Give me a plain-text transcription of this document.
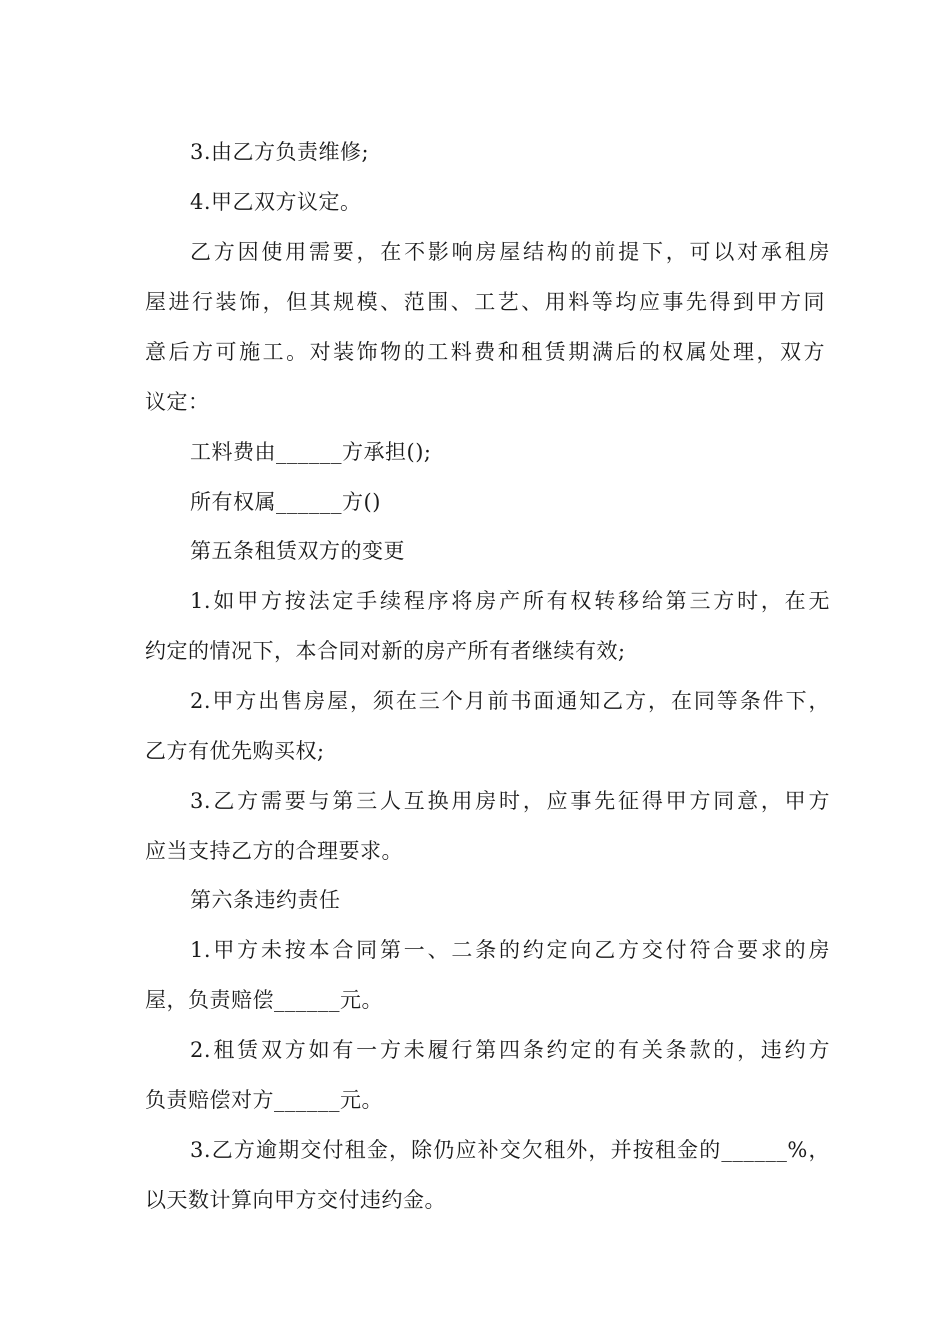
3.由乙方负责维修;
4.甲乙双方议定。
乙方因使用需要，在不影响房屋结构的前提下，可以对承租房
屋进行装饰，但其规模、范围、工艺、用料等均应事先得到甲方同
意后方可施工。对装饰物的工料费和租赁期满后的权属处理，双方
议定：
工料费由______方承担();
所有权属______方()
第五条租赁双方的变更
1.如甲方按法定手续程序将房产所有权转移给第三方时，在无
约定的情况下，本合同对新的房产所有者继续有效;
2.甲方出售房屋，须在三个月前书面通知乙方，在同等条件下，
乙方有优先购买权;
3.乙方需要与第三人互换用房时，应事先征得甲方同意，甲方
应当支持乙方的合理要求。
第六条违约责任
1.甲方未按本合同第一、二条的约定向乙方交付符合要求的房
屋，负责赔偿______元。
2.租赁双方如有一方未履行第四条约定的有关条款的，违约方
负责赔偿对方______元。
3.乙方逾期交付租金，除仍应补交欠租外，并按租金的______%，
以天数计算向甲方交付违约金。
